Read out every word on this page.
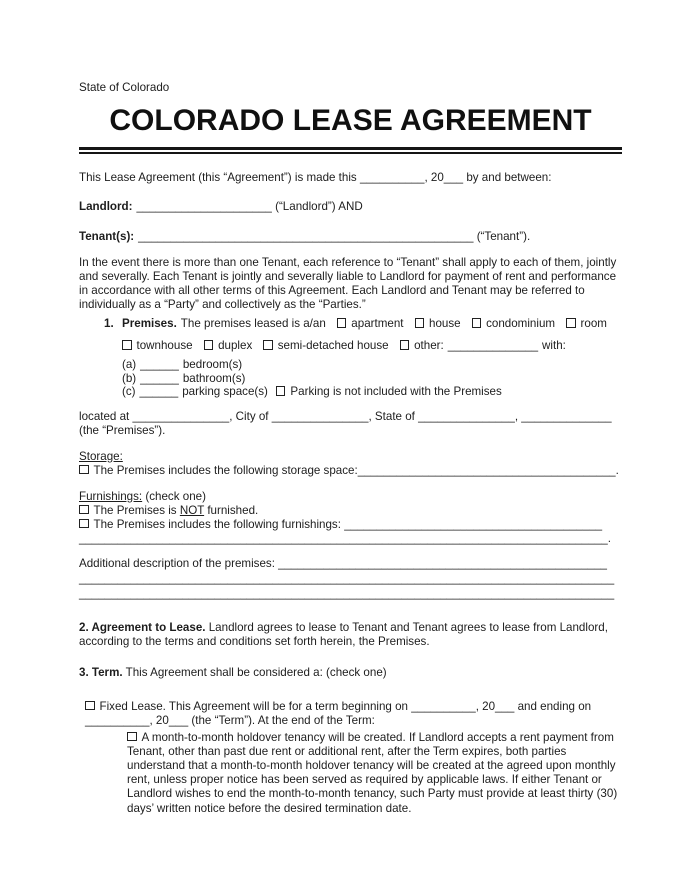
State of Colorado
COLORADO LEASE AGREEMENT

This Lease Agreement (this “Agreement”) is made this __________, 20___ by and between:

Landlord: _____________________ (“Landlord”) AND

Tenant(s): ____________________________________________________ (“Tenant”).

In the event there is more than one Tenant, each reference to “Tenant” shall apply to each of them, jointly and severally. Each Tenant is jointly and severally liable to Landlord for payment of rent and performance in accordance with all other terms of this Agreement. Each Landlord and Tenant may be referred to individually as a “Party” and collectively as the “Parties.”

1. Premises. The premises leased is a/an apartment house condominium room
townhouse duplex semi-detached house other: ______________ with:
(a) ______ bedroom(s)
(b) ______ bathroom(s)
(c) ______ parking space(s) Parking is not included with the Premises

located at _______________, City of _______________, State of _______________, ______________

(the “Premises”).

Storage:
The Premises includes the following storage space:________________________________________.
Furnishings: (check one)
The Premises is NOT furnished.
The Premises includes the following furnishings: ________________________________________
__________________________________________________________________________________.
Additional description of the premises: ___________________________________________________
___________________________________________________________________________________
___________________________________________________________________________________

2. Agreement to Lease. Landlord agrees to lease to Tenant and Tenant agrees to lease from Landlord, according to the terms and conditions set forth herein, the Premises.

3. Term. This Agreement shall be considered a: (check one)

Fixed Lease. This Agreement will be for a term beginning on __________, 20___ and ending on
__________, 20___ (the “Term”). At the end of the Term:
A month-to-month holdover tenancy will be created. If Landlord accepts a rent payment from Tenant, other than past due rent or additional rent, after the Term expires, both parties understand that a month-to-month holdover tenancy will be created at the agreed upon monthly rent, unless proper notice has been served as required by applicable laws. If either Tenant or Landlord wishes to end the month-to-month tenancy, such Party must provide at least thirty (30) days’ written notice before the desired termination date.
